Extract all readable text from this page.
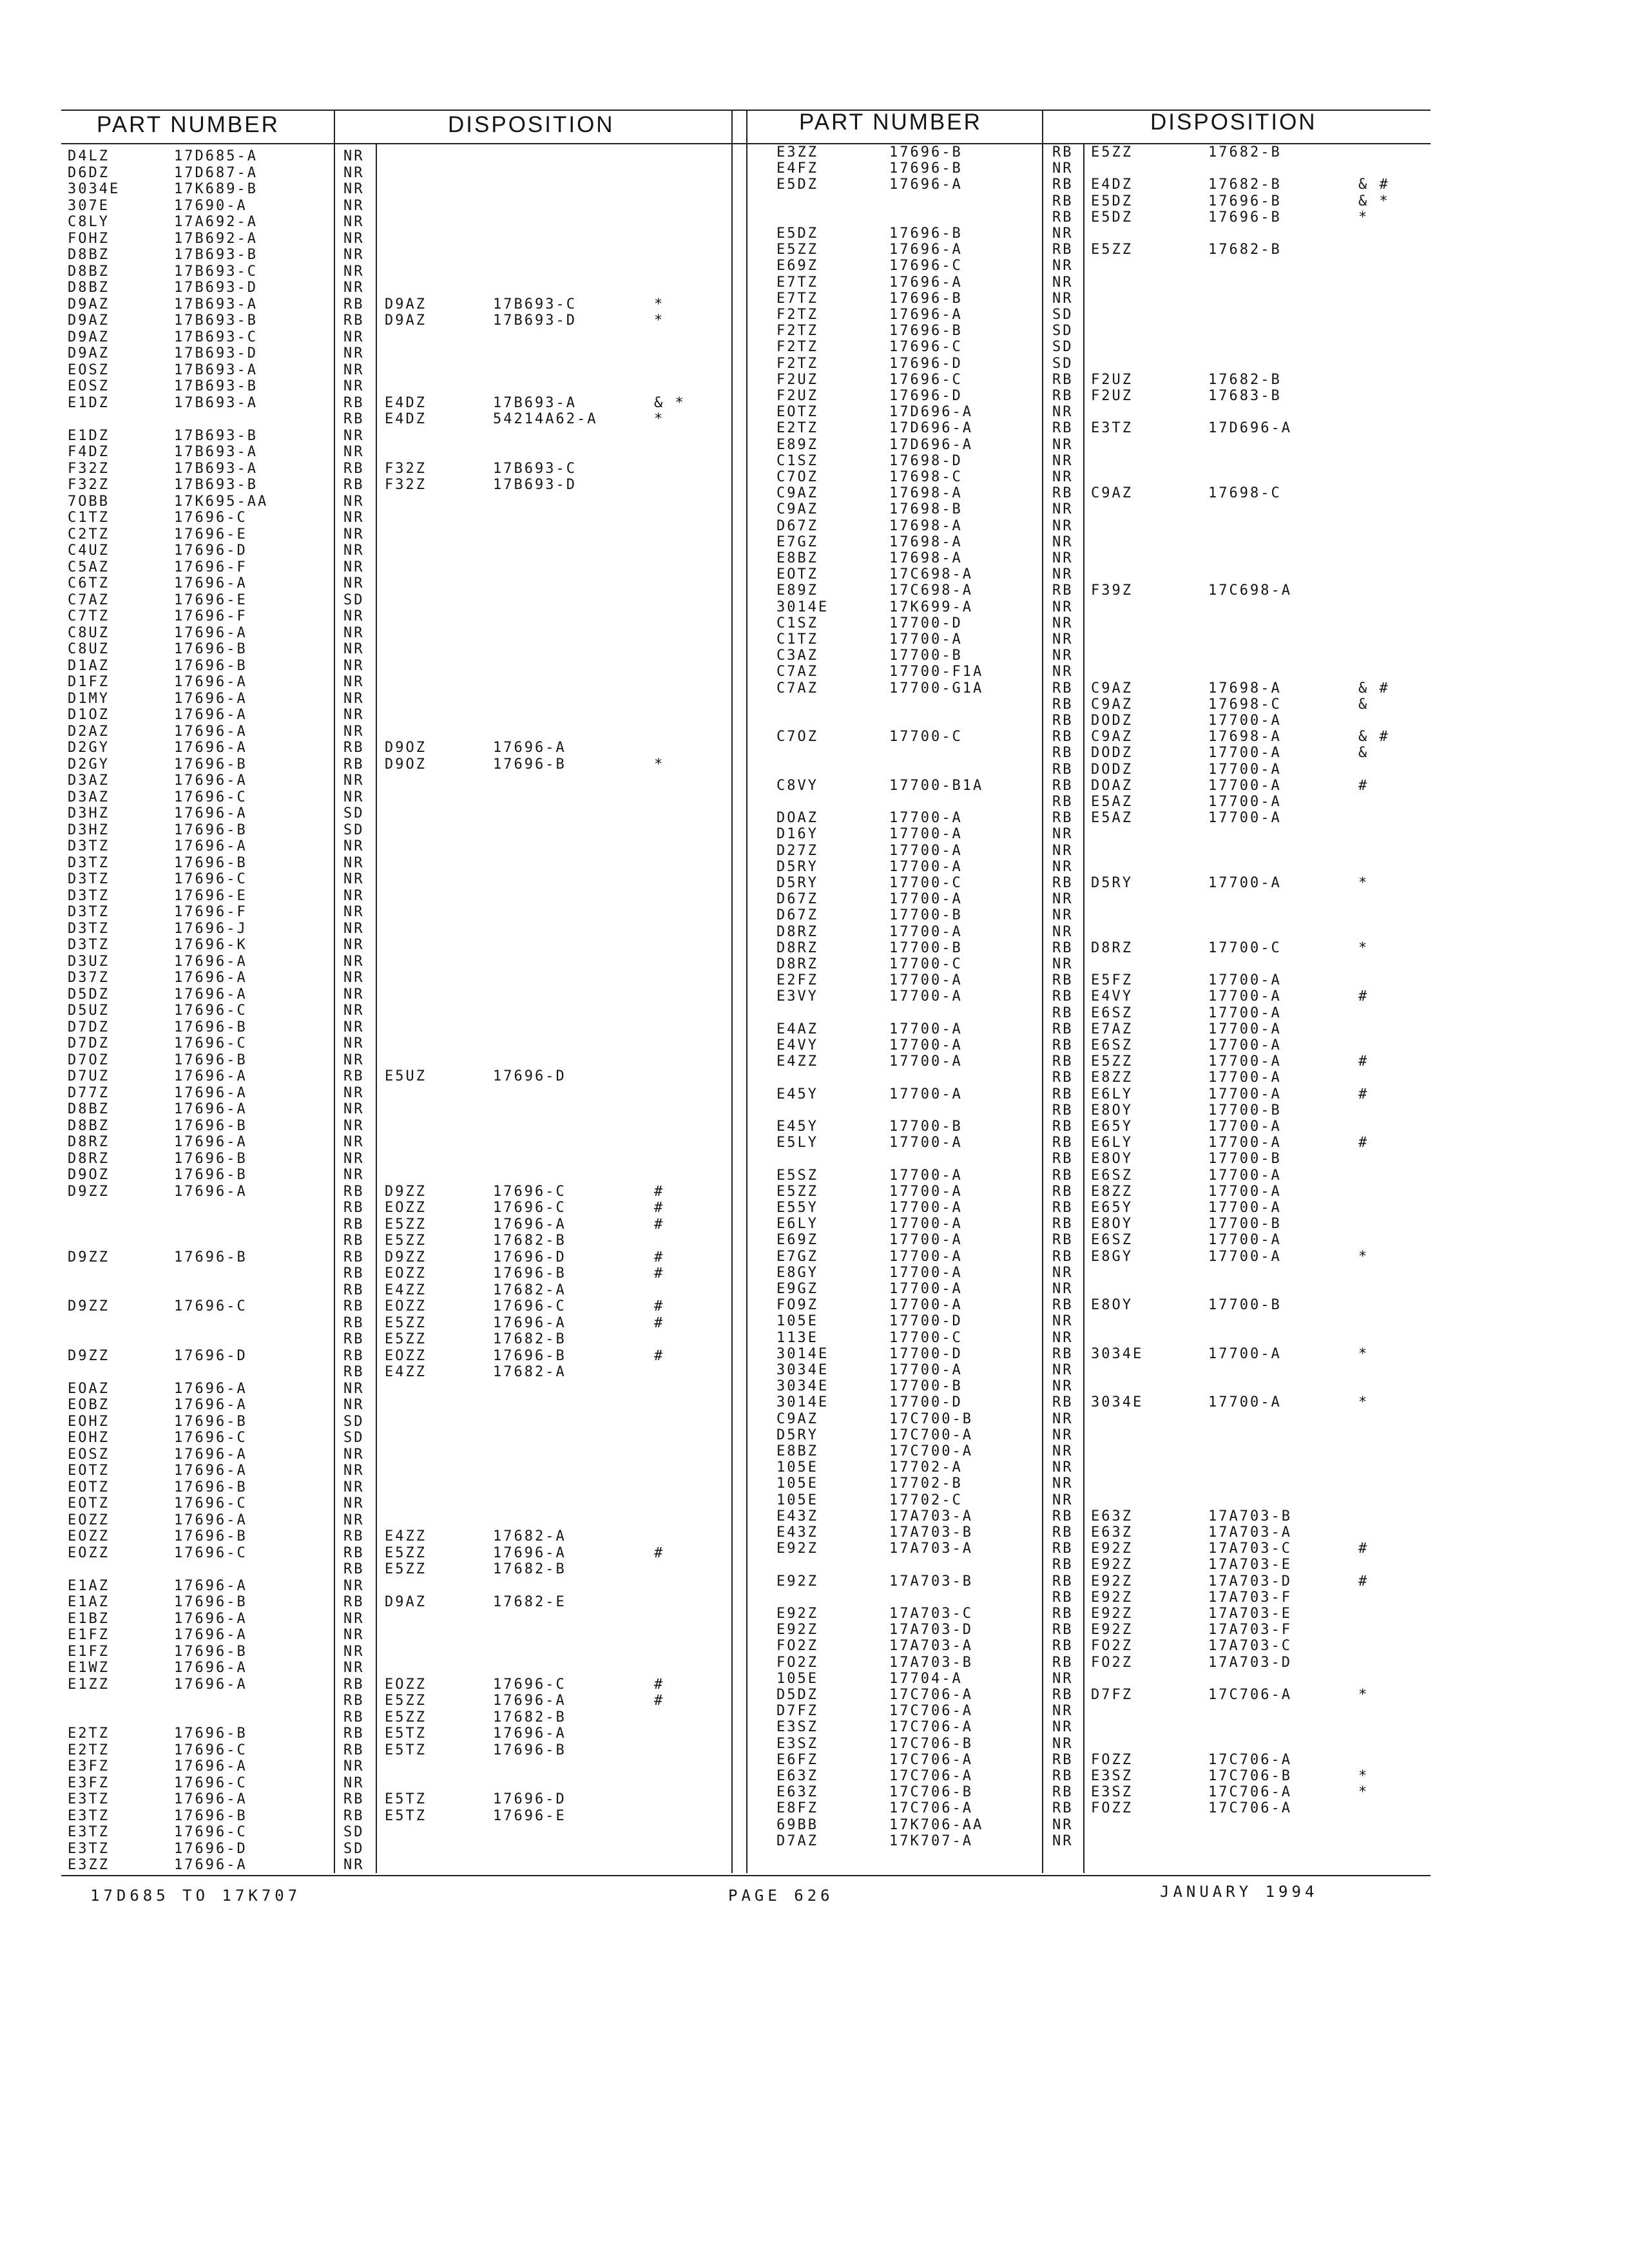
PART NUMBER	DISPOSITION	PART NUMBER	DISPOSITION
D4LZ	17D685-A	NR
D6DZ	17D687-A	NR
3034E	17K689-B	NR
307E	17690-A	NR
C8LY	17A692-A	NR
FOHZ	17B692-A	NR
D8BZ	17B693-B	NR
D8BZ	17B693-C	NR
D8BZ	17B693-D	NR
D9AZ	17B693-A	RB D9AZ	17B693-C	*
D9AZ	17B693-B	RB D9AZ	17B693-D	*
D9AZ	17B693-C	NR
D9AZ	17B693-D	NR
EOSZ	17B693-A	NR
EOSZ	17B693-B	NR
E1DZ	17B693-A	RB E4DZ	17B693-A	& *
RB E4DZ	54214A62-A	*
E1DZ	17B693-B	NR
F4DZ	17B693-A	NR
F32Z	17B693-A	RB F32Z	17B693-C
F32Z	17B693-B	RB F32Z	17B693-D
7OBB	17K695-AA	NR
C1TZ	17696-C	NR
C2TZ	17696-E	NR
C4UZ	17696-D	NR
C5AZ	17696-F	NR
C6TZ	17696-A	NR
C7AZ	17696-E	SD
C7TZ	17696-F	NR
C8UZ	17696-A	NR
C8UZ	17696-B	NR
D1AZ	17696-B	NR
D1FZ	17696-A	NR
D1MY	17696-A	NR
D1OZ	17696-A	NR
D2AZ	17696-A	NR
D2GY	17696-A	RB D9OZ	17696-A
D2GY	17696-B	RB D9OZ	17696-B	*
D3AZ	17696-A	NR
D3AZ	17696-C	NR
D3HZ	17696-A	SD
D3HZ	17696-B	SD
D3TZ	17696-A	NR
D3TZ	17696-B	NR
D3TZ	17696-C	NR
D3TZ	17696-E	NR
D3TZ	17696-F	NR
D3TZ	17696-J	NR
D3TZ	17696-K	NR
D3UZ	17696-A	NR
D37Z	17696-A	NR
D5DZ	17696-A	NR
D5UZ	17696-C	NR
D7DZ	17696-B	NR
D7DZ	17696-C	NR
D7OZ	17696-B	NR
D7UZ	17696-A	RB E5UZ	17696-D
D77Z	17696-A	NR
D8BZ	17696-A	NR
D8BZ	17696-B	NR
D8RZ	17696-A	NR
D8RZ	17696-B	NR
D9OZ	17696-B	NR
D9ZZ	17696-A	RB D9ZZ	17696-C	#
RB EOZZ	17696-C	#
RB E5ZZ	17696-A	#
RB E5ZZ	17682-B
D9ZZ	17696-B	RB D9ZZ	17696-D	#
RB EOZZ	17696-B	#
RB E4ZZ	17682-A
D9ZZ	17696-C	RB EOZZ	17696-C	#
RB E5ZZ	17696-A	#
RB E5ZZ	17682-B
D9ZZ	17696-D	RB EOZZ	17696-B	#
RB E4ZZ	17682-A
EOAZ	17696-A	NR
EOBZ	17696-A	NR
EOHZ	17696-B	SD
EOHZ	17696-C	SD
EOSZ	17696-A	NR
EOTZ	17696-A	NR
EOTZ	17696-B	NR
EOTZ	17696-C	NR
EOZZ	17696-A	NR
EOZZ	17696-B	RB E4ZZ	17682-A
EOZZ	17696-C	RB E5ZZ	17696-A	#
RB E5ZZ	17682-B
E1AZ	17696-A	NR
E1AZ	17696-B	RB D9AZ	17682-E
E1BZ	17696-A	NR
E1FZ	17696-A	NR
E1FZ	17696-B	NR
E1WZ	17696-A	NR
E1ZZ	17696-A	RB EOZZ	17696-C	#
RB E5ZZ	17696-A	#
RB E5ZZ	17682-B
E2TZ	17696-B	RB E5TZ	17696-A
E2TZ	17696-C	RB E5TZ	17696-B
E3FZ	17696-A	NR
E3FZ	17696-C	NR
E3TZ	17696-A	RB E5TZ	17696-D
E3TZ	17696-B	RB E5TZ	17696-E
E3TZ	17696-C	SD
E3TZ	17696-D	SD
E3ZZ	17696-A	NR
E3ZZ	17696-B	RB E5ZZ	17682-B
E4FZ	17696-B	NR
E5DZ	17696-A	RB E4DZ	17682-B	& #
RB E5DZ	17696-B	& *
RB E5DZ	17696-B	*
E5DZ	17696-B	NR
E5ZZ	17696-A	RB E5ZZ	17682-B
E69Z	17696-C	NR
E7TZ	17696-A	NR
E7TZ	17696-B	NR
F2TZ	17696-A	SD
F2TZ	17696-B	SD
F2TZ	17696-C	SD
F2TZ	17696-D	SD
F2UZ	17696-C	RB F2UZ	17682-B
F2UZ	17696-D	RB F2UZ	17683-B
EOTZ	17D696-A	NR
E2TZ	17D696-A	RB E3TZ	17D696-A
E89Z	17D696-A	NR
C1SZ	17698-D	NR
C7OZ	17698-C	NR
C9AZ	17698-A	RB C9AZ	17698-C
C9AZ	17698-B	NR
D67Z	17698-A	NR
E7GZ	17698-A	NR
E8BZ	17698-A	NR
EOTZ	17C698-A	NR
E89Z	17C698-A	RB F39Z	17C698-A
3014E	17K699-A	NR
C1SZ	17700-D	NR
C1TZ	17700-A	NR
C3AZ	17700-B	NR
C7AZ	17700-F1A	NR
C7AZ	17700-G1A	RB C9AZ	17698-A	& #
RB C9AZ	17698-C	&
RB DODZ	17700-A
C7OZ	17700-C	RB C9AZ	17698-A	& #
RB DODZ	17700-A	&
RB DODZ	17700-A
C8VY	17700-B1A	RB DOAZ	17700-A	#
RB E5AZ	17700-A
DOAZ	17700-A	RB E5AZ	17700-A
D16Y	17700-A	NR
D27Z	17700-A	NR
D5RY	17700-A	NR
D5RY	17700-C	RB D5RY	17700-A	*
D67Z	17700-A	NR
D67Z	17700-B	NR
D8RZ	17700-A	NR
D8RZ	17700-B	RB D8RZ	17700-C	*
D8RZ	17700-C	NR
E2FZ	17700-A	RB E5FZ	17700-A
E3VY	17700-A	RB E4VY	17700-A	#
RB E6SZ	17700-A
E4AZ	17700-A	RB E7AZ	17700-A
E4VY	17700-A	RB E6SZ	17700-A
E4ZZ	17700-A	RB E5ZZ	17700-A	#
RB E8ZZ	17700-A
E45Y	17700-A	RB E6LY	17700-A	#
RB E8OY	17700-B
E45Y	17700-B	RB E65Y	17700-A
E5LY	17700-A	RB E6LY	17700-A	#
RB E8OY	17700-B
E5SZ	17700-A	RB E6SZ	17700-A
E5ZZ	17700-A	RB E8ZZ	17700-A
E55Y	17700-A	RB E65Y	17700-A
E6LY	17700-A	RB E8OY	17700-B
E69Z	17700-A	RB E6SZ	17700-A
E7GZ	17700-A	RB E8GY	17700-A	*
E8GY	17700-A	NR
E9GZ	17700-A	NR
FO9Z	17700-A	RB E8OY	17700-B
105E	17700-D	NR
113E	17700-C	NR
3014E	17700-D	RB 3034E	17700-A	*
3034E	17700-A	NR
3034E	17700-B	NR
3014E	17700-D	RB 3034E	17700-A	*
C9AZ	17C700-B	NR
D5RY	17C700-A	NR
E8BZ	17C700-A	NR
105E	17702-A	NR
105E	17702-B	NR
105E	17702-C	NR
E43Z	17A703-A	RB E63Z	17A703-B
E43Z	17A703-B	RB E63Z	17A703-A
E92Z	17A703-A	RB E92Z	17A703-C	#
RB E92Z	17A703-E
E92Z	17A703-B	RB E92Z	17A703-D	#
RB E92Z	17A703-F
E92Z	17A703-C	RB E92Z	17A703-E
E92Z	17A703-D	RB E92Z	17A703-F
FO2Z	17A703-A	RB FO2Z	17A703-C
FO2Z	17A703-B	RB FO2Z	17A703-D
105E	17704-A	NR
D5DZ	17C706-A	RB D7FZ	17C706-A	*
D7FZ	17C706-A	NR
E3SZ	17C706-A	NR
E3SZ	17C706-B	NR
E6FZ	17C706-A	RB FOZZ	17C706-A
E63Z	17C706-A	RB E3SZ	17C706-B	*
E63Z	17C706-B	RB E3SZ	17C706-A	*
E8FZ	17C706-A	RB FOZZ	17C706-A
69BB	17K706-AA	NR
D7AZ	17K707-A	NR
17D685 TO 17K707	PAGE 626	JANUARY 1994
